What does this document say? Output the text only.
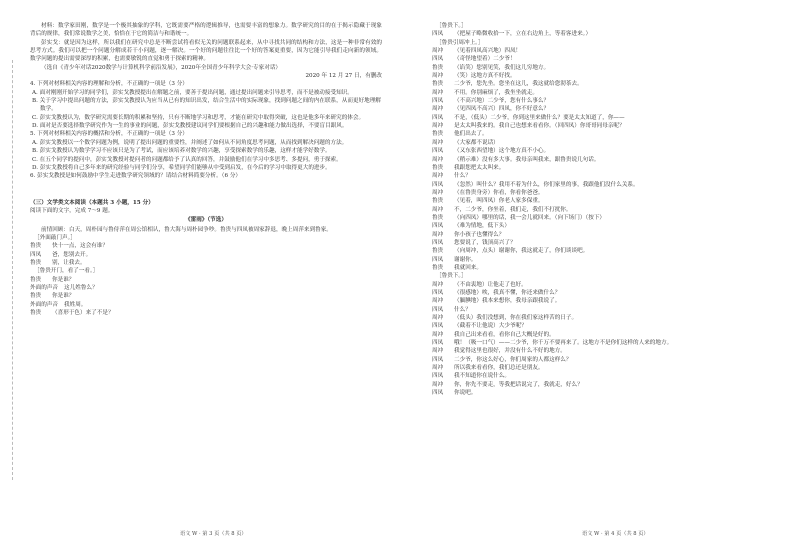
材料：数学家田刚，数学是一个极其抽象的学科，它既需要严格的逻辑推导，也需要丰富的想象力。数学研究的目的在于揭示隐藏于现象背后的规律，我们常说数学之美，恰恰在于它的简洁与和谐统一。

彭实戈：就是因为这样，所以我们在研究中总是不断尝试将看似无关的问题联系起来，从中寻找共同的结构和方法，这是一种非常有效的思考方式。我们可以把一个问题分解成若干小问题，逐一解决。一个好的问题往往比一个好的答案更重要，因为它能引导我们走向新的领域。数学问题的提出需要深厚的积累，也需要敏锐的直觉和勇于探索的精神。

（选自《青少年对话2020数学与计算机科学前沿发展》，2020年全国青少年科学大会·专家对话）

2020 年 12 月 27 日，有删改

4. 下列对材料相关内容的理解和分析，不正确的一项是（3 分）

A. 面对刚刚开始学习的同学们，彭实戈教授提出在解题之前，要善于提出问题，通过提出问题来引导思考，而不是被动接受知识。

B. 关于学习中提出问题的方法，彭实戈教授认为应当从已有的知识出发，结合生活中的实际现象，找到问题之间的内在联系，从而更好地理解数学。

C. 彭实戈教授认为，数学研究需要长期的积累和坚持，只有不断地学习和思考，才能在研究中取得突破，这也是他多年来研究的体会。

D. 面对是否要选择数学研究作为一生的事业的问题，彭实戈教授建议同学们要根据自己的兴趣和能力做出选择，不要盲目跟风。

5. 下列对材料相关内容的概括和分析，不正确的一项是（3 分）

A. 彭实戈教授以一个数学问题为例，说明了提出问题的重要性，并阐述了如何从不同角度思考问题，从而找到解决问题的方法。

B. 彭实戈教授认为数学学习不应该只是为了考试，而应该培养对数学的兴趣，享受探索数学的乐趣，这样才能学好数学。

C. 在五个同学的提问中，彭实戈教授对提问者的问题都给予了认真的回答，并鼓励他们在学习中多思考、多提问，勇于探索。

D. 彭实戈教授将自己多年来的研究经验与同学们分享，希望同学们能够从中受到启发，在今后的学习中取得更大的进步。

6. 彭实戈教授是如何鼓励中学生走进数学研究领域的？请结合材料简要分析。（6 分）

（三）文学类文本阅读（本题共 3 小题，15 分）

阅读下面的文字，完成 7～9 题。

《雷雨》（节选）

前情回顾：白天，周朴园与鲁侍萍在周公馆相认，鲁大海与周朴园争吵。鲁贵与四凤被周家辞退，晚上周萍来到鲁家。

［外面敲门声。］

鲁贵	快十一点，这会有谁？
四凤	爸，您别去开。
鲁贵	别，让我去。

［鲁贵开门，看了一看。］

鲁贵	你是谁？
外面的声音	这儿姓鲁么？
鲁贵	你是谁？
外面的声音	我姓周。
鲁贵	（喜形于色）来了不是？

［鲁贵下。］

四凤	（把屋子略微收拾一下，立在右边角上，等着客进来。）

［鲁贵引周冲上。］

周冲	（见着四凤高兴地）四凤！
四凤	（奇怪地望着）二少爷！
鲁贵	（谄笑）您别见笑，我们这儿穷地方。
周冲	（笑）这地方真不好找。
鲁贵	二少爷，您先坐。您坐在这儿，我这就给您沏茶去。
周冲	不用。你别麻烦了，我坐坐就走。
四凤	（不高兴地）二少爷，您有什么事么？
周冲	（见四凤不高兴）四凤，你不好意么？
四凤	不是，（低头）二少爷，你到这里来做什么？要是太太知道了，你——
周冲	是太太叫我来的。我自己也想来看看你。（回四凤）你哥哥同母亲呢？
鲁贵	他们出去了。
周冲	（大家都不说话）
四凤	（又东张西望地）这个地方真不小心。
周冲	（稍示难）没有多大事。我母亲叫我来，跟鲁贵说几句话。
鲁贵	我跟您把太太叫来。
周冲	什么？
四凤	（忽然）叫什么？我用不着为什么，你们家里的事，我跟他们没什么关系。
周冲	（在鲁贵身旁）你看，你看你爸爸。
鲁贵	（见着，叫四凤）你老人家多保重。
周冲	不，二少爷，你坐着，我们走，我们不打扰你。
鲁贵	（向四凤）哪里的话，我一会儿就回来。（向下场门）（按下）
四凤	（难为情地，低下头）
周冲	你小孩子也懂得么？
四凤	您要说了，钱顶高兴了？
鲁贵	（向周冲，点头）谢谢你，我这就走了，你们谈谈吧。
四凤	谢谢你。
鲁贵	我就回来。

［鲁贵下。］

周冲	（不由衷地）让他走了也好。
四凤	（很感地）唉，我真不懂，你还来做什么？
周冲	（腼腆地）我本来想你，我母亲跟我说了。
四凤	什么？
周冲	（低头）我们没想到，你在我们家这样苦的日子。
四凤	（截着不让他说）大少爷呢？
周冲	我自己出来看看，看你自己大概是好的。
四凤	哦！（吸一口气）——二少爷，你千万不要再来了。这地方不是你们这样的人来的地方。
周冲	我觉得这里也很好，并没有什么不好的地方。
四凤	二少爷，你这么好心，你们周家的人都这样么？
周冲	所以我来看看你，我们总还是朋友。
四凤	我不知道你在说什么。
周冲	你，你先不要走，等我把话说完了，我就走，好么？
四凤	你说吧。
语文 W · 第 3 页（共 8 页）	语文 W · 第 4 页（共 8 页）
